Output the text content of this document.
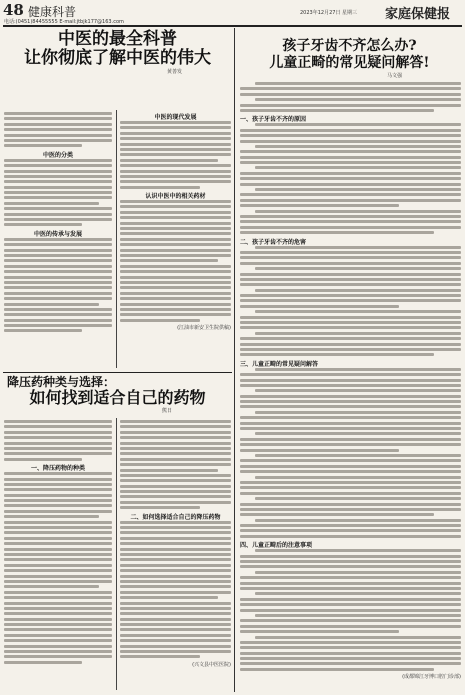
48 健康科普
电话:(0451)84455555 E-mail:jtbjk177@163.com
2023年12月27日 星期三 家庭保健报
中医的最全科普
让你彻底了解中医的伟大
黄善发
中医的分类
中医的传承与发展
中医的现代发展
认识中医中的相关药材
(江油市新安卫生院供稿)
降压药种类与选择：
如何找到适合自己的药物
熊日
一、降压药物的种类
二、如何选择适合自己的降压药物
(兴文县中医医院)
孩子牙齿不齐怎么办?
儿童正畸的常见疑问解答!
马文强
一、孩子牙齿不齐的原因
二、孩子牙齿不齐的危害
三、儿童正畸的常见疑问解答
四、儿童正畸后的注意事项
(成都锦江牙博口腔门诊部)
